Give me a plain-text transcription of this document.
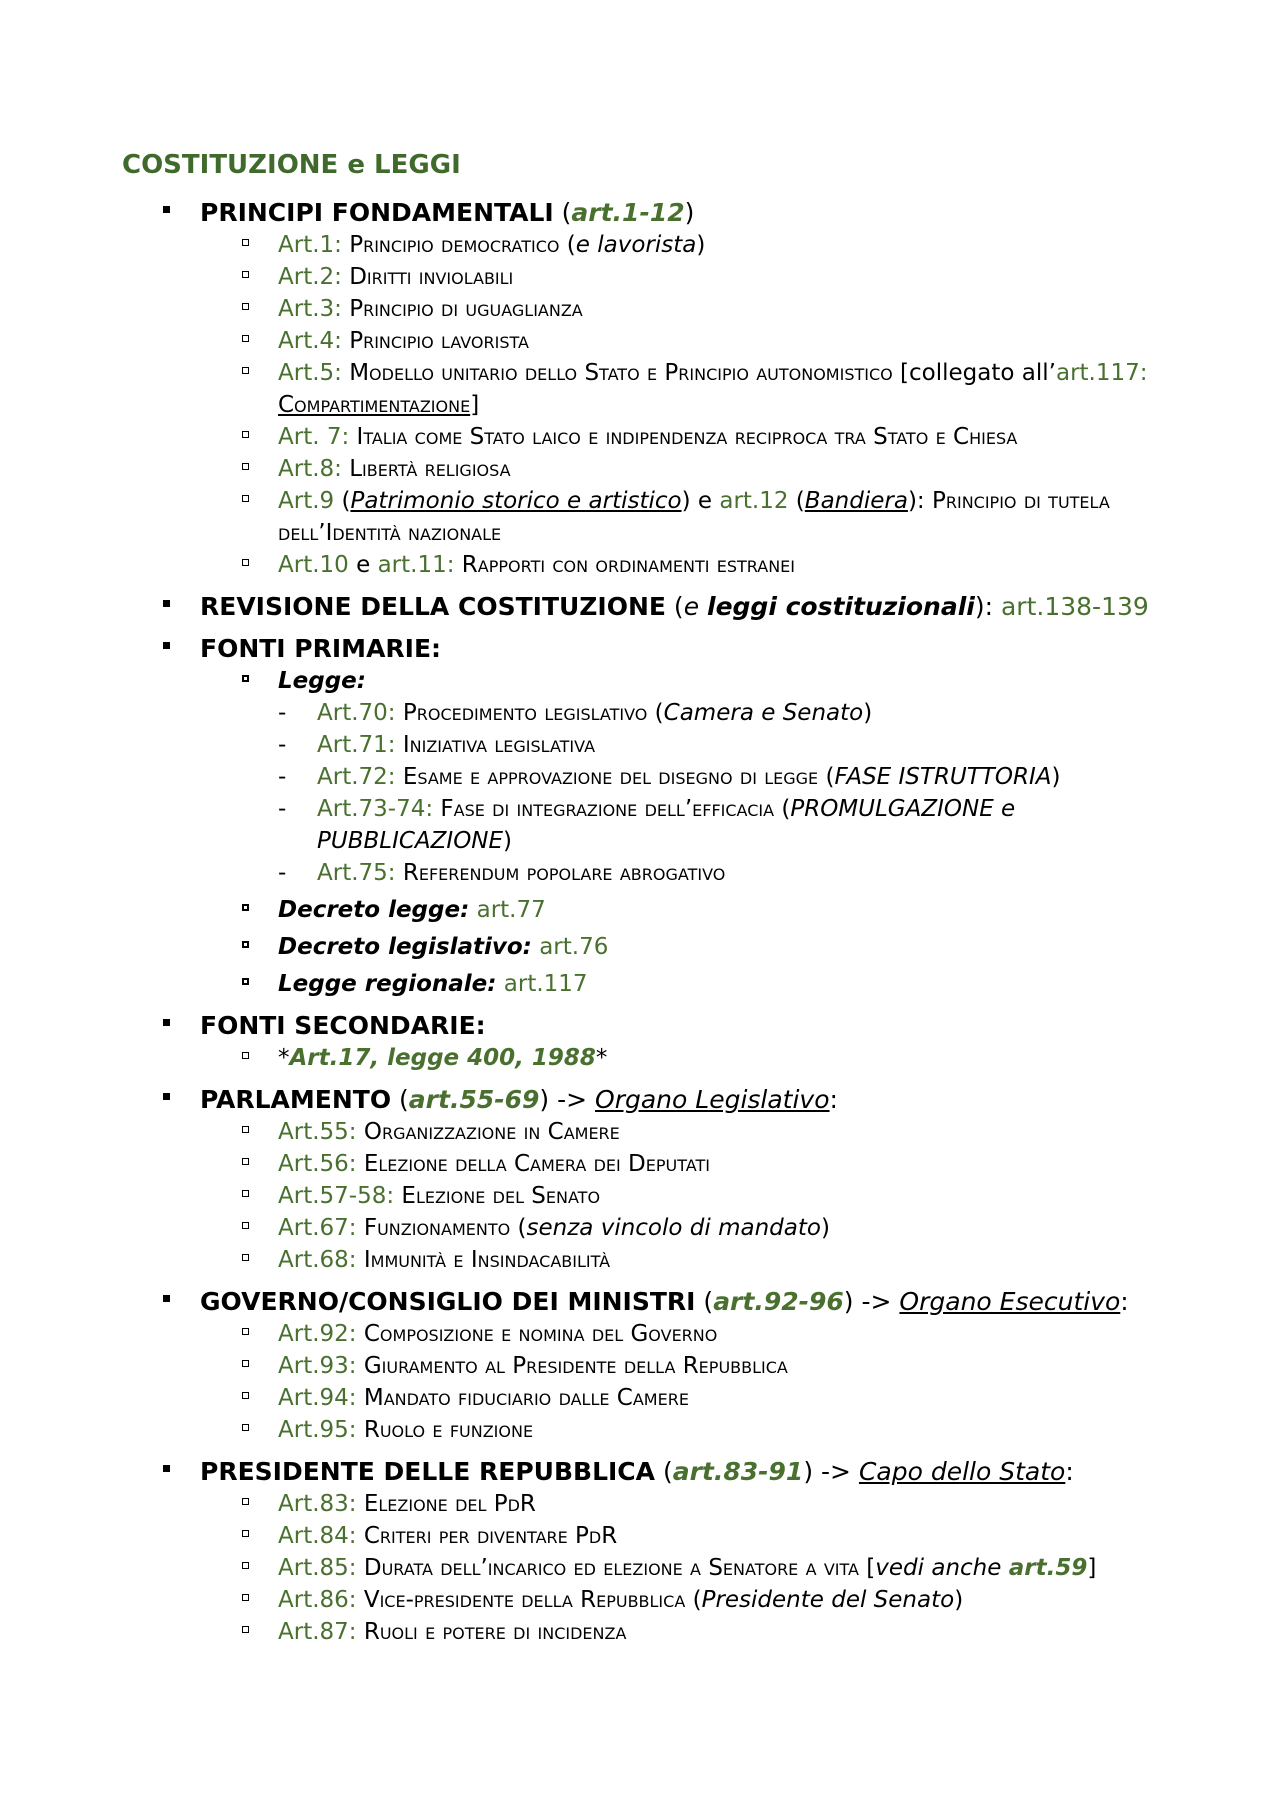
COSTITUZIONE e LEGGI

PRINCIPI FONDAMENTALI (art.1-12)

Art.1: Principio democratico (e lavorista)
Art.2: Diritti inviolabili
Art.3: Principio di uguaglianza
Art.4: Principio lavorista
Art.5: Modello unitario dello Stato e Principio autonomistico [collegato all’art.117: Compartimentazione]
Art. 7: Italia come Stato laico e indipendenza reciproca tra Stato e Chiesa
Art.8: Libertà religiosa
Art.9 (Patrimonio storico e artistico) e art.12 (Bandiera): Principio di tutela dell’Identità nazionale
Art.10 e art.11: Rapporti con ordinamenti estranei

REVISIONE DELLA COSTITUZIONE (e leggi costituzionali): art.138-139

FONTI PRIMARIE:

Legge:
- Art.70: Procedimento legislativo (Camera e Senato)
- Art.71: Iniziativa legislativa
- Art.72: Esame e approvazione del disegno di legge (FASE ISTRUTTORIA)
- Art.73-74: Fase di integrazione dell’efficacia (PROMULGAZIONE e PUBBLICAZIONE)
- Art.75: Referendum popolare abrogativo
Decreto legge: art.77
Decreto legislativo: art.76
Legge regionale: art.117

FONTI SECONDARIE:

*Art.17, legge 400, 1988*

PARLAMENTO (art.55-69) -> Organo Legislativo:

Art.55: Organizzazione in Camere
Art.56: Elezione della Camera dei Deputati
Art.57-58: Elezione del Senato
Art.67: Funzionamento (senza vincolo di mandato)
Art.68: Immunità e Insindacabilità

GOVERNO/CONSIGLIO DEI MINISTRI (art.92-96) -> Organo Esecutivo:

Art.92: Composizione e nomina del Governo
Art.93: Giuramento al Presidente della Repubblica
Art.94: Mandato fiduciario dalle Camere
Art.95: Ruolo e funzione

PRESIDENTE DELLE REPUBBLICA (art.83-91) -> Capo dello Stato:

Art.83: Elezione del PdR
Art.84: Criteri per diventare PdR
Art.85: Durata dell’incarico ed elezione a Senatore a vita [vedi anche art.59]
Art.86: Vice-presidente della Repubblica (Presidente del Senato)
Art.87: Ruoli e potere di incidenza
